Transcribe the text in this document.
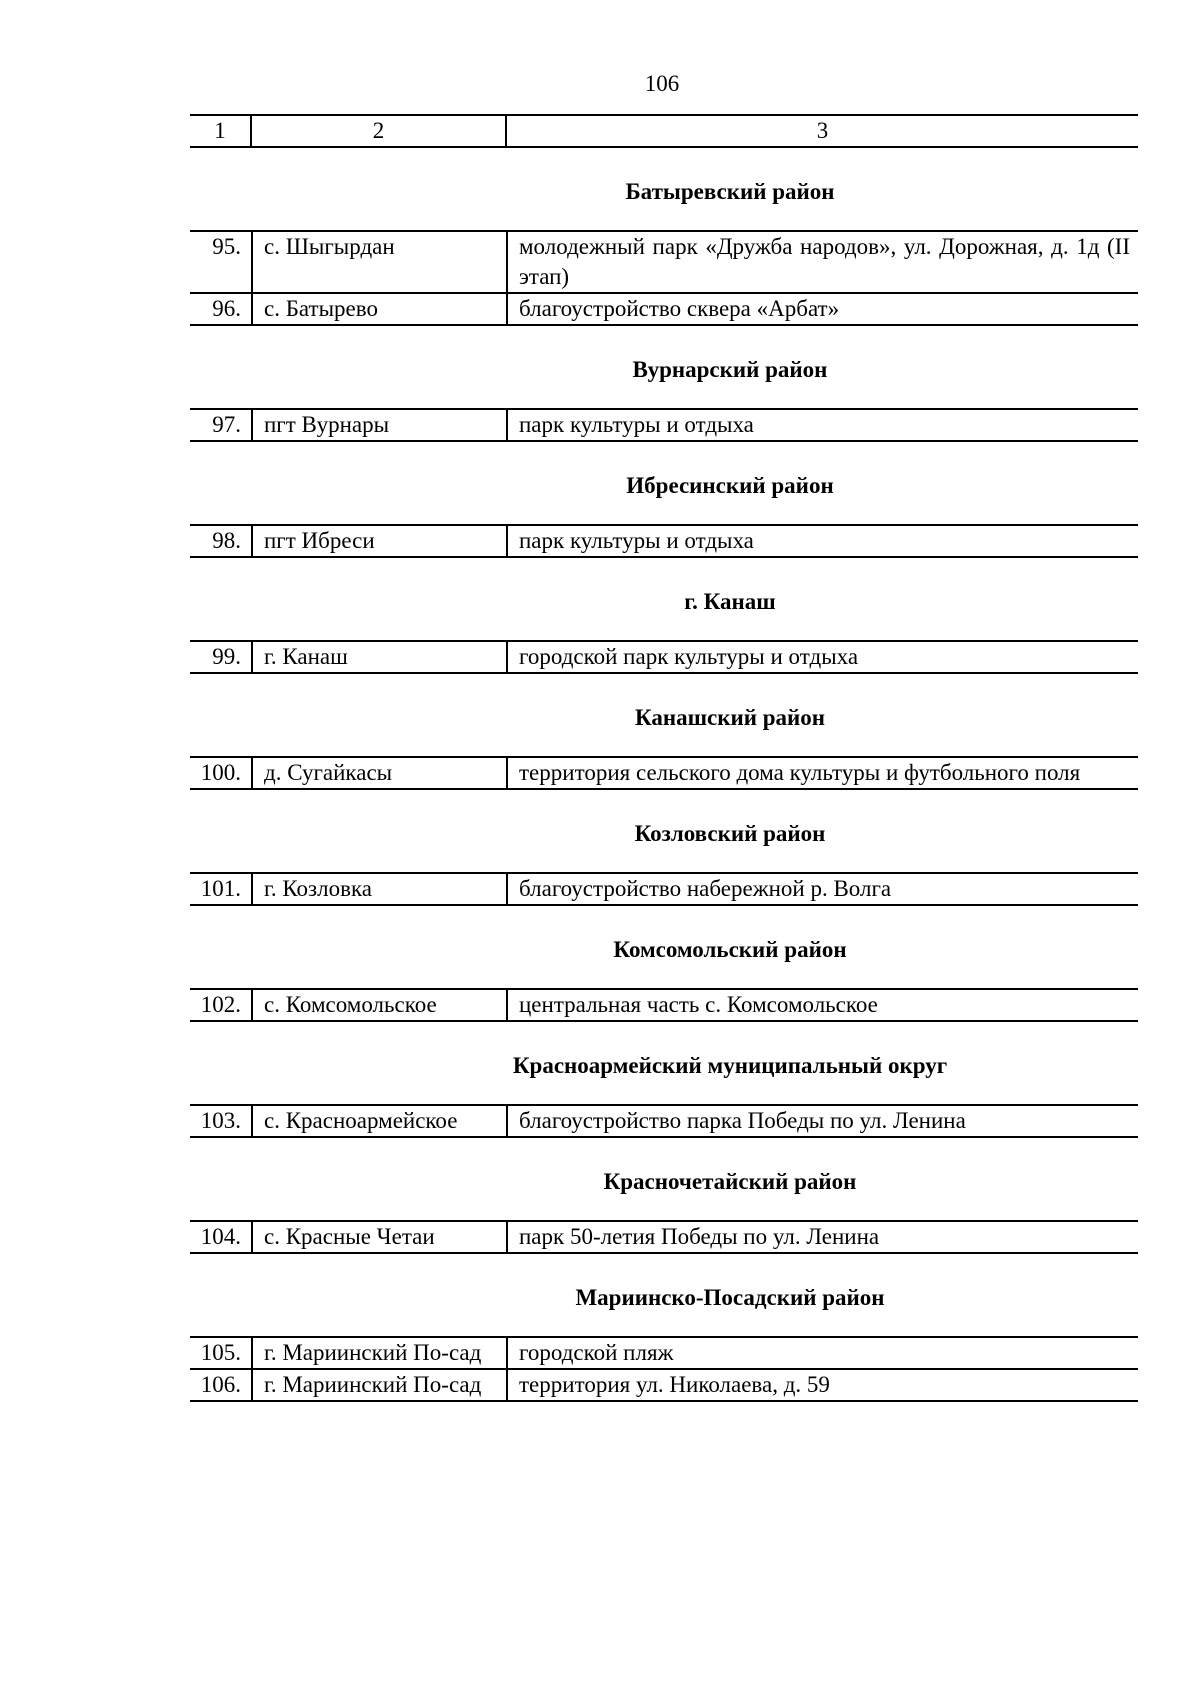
106
1	2	3
Батыревский район
95.	с. Шыгырдан	молодежный парк «Дружба народов», ул. Дорожная, д. 1д (II этап)
96.	с. Батырево	благоустройство сквера «Арбат»
Вурнарский район
97.	пгт Вурнары	парк культуры и отдыха
Ибресинский район
98.	пгт Ибреси	парк культуры и отдыха
г. Канаш
99.	г. Канаш	городской парк культуры и отдыха
Канашский район
100.	д. Сугайкасы	территория сельского дома культуры и футбольного поля
Козловский район
101.	г. Козловка	благоустройство набережной р. Волга
Комсомольский район
102.	с. Комсомольское	центральная часть с. Комсомольское
Красноармейский муниципальный округ
103.	с. Красноармейское	благоустройство парка Победы по ул. Ленина
Красночетайский район
104.	с. Красные Четаи	парк 50-летия Победы по ул. Ленина
Мариинско-Посадский район
105.	г. Мариинский По-сад	городской пляж
106.	г. Мариинский По-сад	территория ул. Николаева, д. 59
